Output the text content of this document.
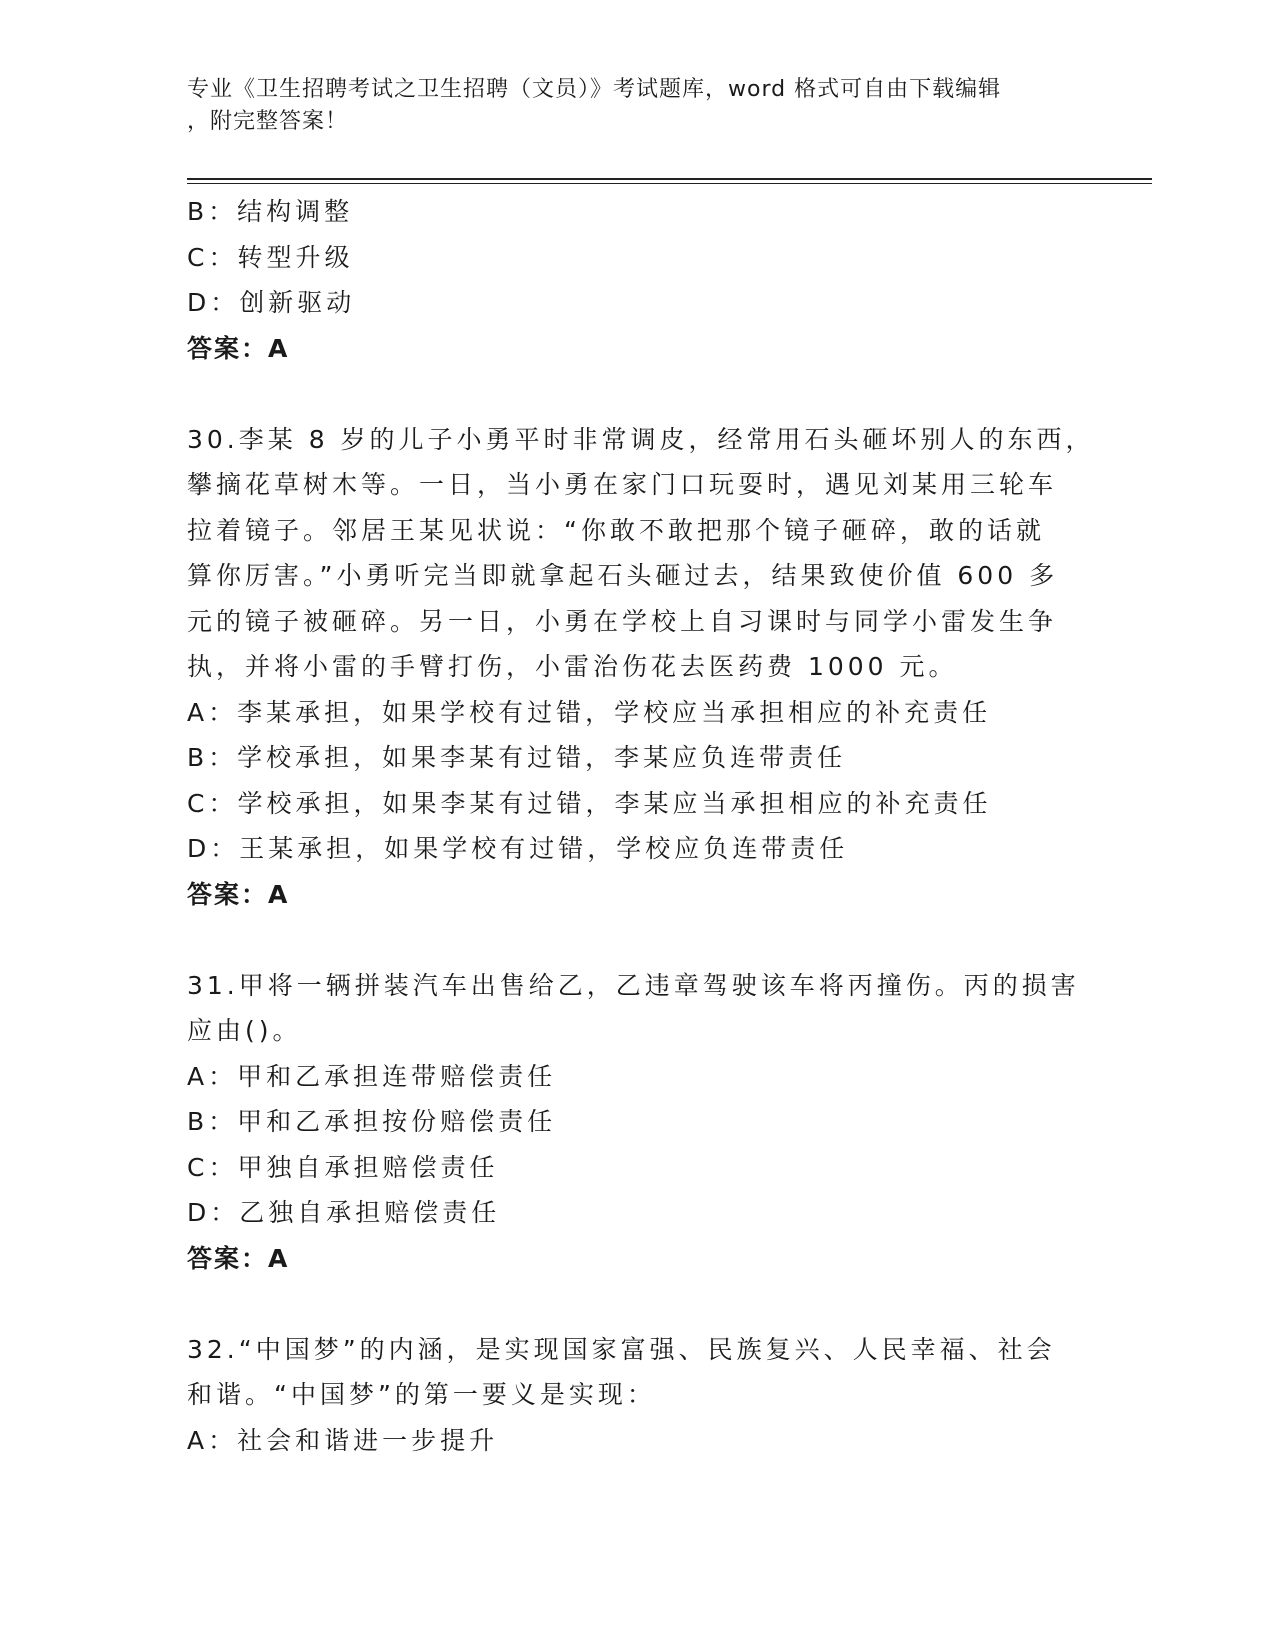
专业《卫生招聘考试之卫生招聘（文员）》考试题库，word 格式可自由下载编辑
，附完整答案！
B：结构调整
C：转型升级
D：创新驱动
答案：A
30.李某 8 岁的儿子小勇平时非常调皮，经常用石头砸坏别人的东西，
攀摘花草树木等。一日，当小勇在家门口玩耍时，遇见刘某用三轮车
拉着镜子。邻居王某见状说：“你敢不敢把那个镜子砸碎，敢的话就
算你厉害。”小勇听完当即就拿起石头砸过去，结果致使价值 600 多
元的镜子被砸碎。另一日，小勇在学校上自习课时与同学小雷发生争
执，并将小雷的手臂打伤，小雷治伤花去医药费 1000 元。
A：李某承担，如果学校有过错，学校应当承担相应的补充责任
B：学校承担，如果李某有过错，李某应负连带责任
C：学校承担，如果李某有过错，李某应当承担相应的补充责任
D：王某承担，如果学校有过错，学校应负连带责任
答案：A
31.甲将一辆拼装汽车出售给乙，乙违章驾驶该车将丙撞伤。丙的损害
应由()。
A：甲和乙承担连带赔偿责任
B：甲和乙承担按份赔偿责任
C：甲独自承担赔偿责任
D：乙独自承担赔偿责任
答案：A
32.“中国梦”的内涵，是实现国家富强、民族复兴、人民幸福、社会
和谐。“中国梦”的第一要义是实现：
A：社会和谐进一步提升
